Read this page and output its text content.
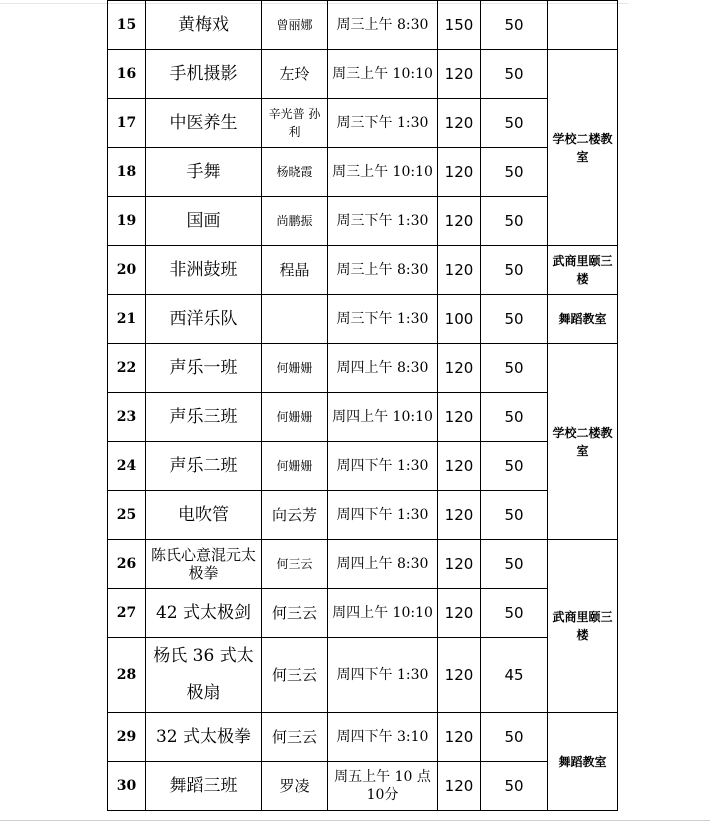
15	黄梅戏	曾丽娜	周三上午 8:30	150	50	
16	手机摄影	左玲	周三上午 10:10	120	50	学校二楼教室
17	中医养生	辛光普 孙利	周三下午 1:30	120	50	
18	手舞	杨晓霞	周三上午 10:10	120	50	
19	国画	尚鹏振	周三下午 1:30	120	50	
20	非洲鼓班	程晶	周三上午 8:30	120	50	武商里颐三楼
21	西洋乐队		周三下午 1:30	100	50	舞蹈教室
22	声乐一班	何姗姗	周四上午 8:30	120	50	学校二楼教室
23	声乐三班	何姗姗	周四上午 10:10	120	50	
24	声乐二班	何姗姗	周四下午 1:30	120	50	
25	电吹管	向云芳	周四下午 1:30	120	50	
26	陈氏心意混元太极拳	何三云	周四上午 8:30	120	50	武商里颐三楼
27	42 式太极剑	何三云	周四上午 10:10	120	50	
28	杨氏 36 式太极扇	何三云	周四下午 1:30	120	45	
29	32 式太极拳	何三云	周四下午 3:10	120	50	舞蹈教室
30	舞蹈三班	罗凌	周五上午 10 点 10分	120	50	
